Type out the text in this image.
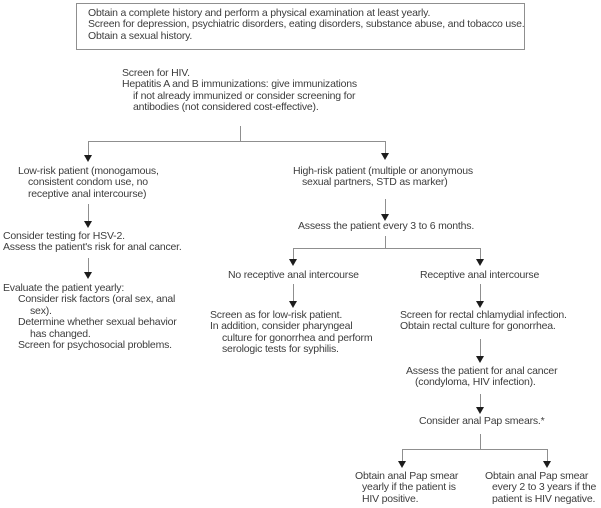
Obtain a complete history and perform a physical examination at least yearly.
Screen for depression, psychiatric disorders, eating disorders, substance abuse, and tobacco use.
Obtain a sexual history.
Screen for HIV.
Hepatitis A and B immunizations: give immunizations
if not already immunized or consider screening for
antibodies (not considered cost-effective).
Low-risk patient (monogamous,
consistent condom use, no
receptive anal intercourse)
High-risk patient (multiple or anonymous
sexual partners, STD as marker)
Consider testing for HSV-2.
Assess the patient's risk for anal cancer.
Evaluate the patient yearly:
Consider risk factors (oral sex, anal
sex).
Determine whether sexual behavior
has changed.
Screen for psychosocial problems.
Assess the patient every 3 to 6 months.
No receptive anal intercourse	Receptive anal intercourse
Screen as for low-risk patient.
In addition, consider pharyngeal
culture for gonorrhea and perform
serologic tests for syphilis.
Screen for rectal chlamydial infection.
Obtain rectal culture for gonorrhea.
Assess the patient for anal cancer
(condyloma, HIV infection).
Consider anal Pap smears.*
Obtain anal Pap smear
yearly if the patient is
HIV positive.
Obtain anal Pap smear
every 2 to 3 years if the
patient is HIV negative.
